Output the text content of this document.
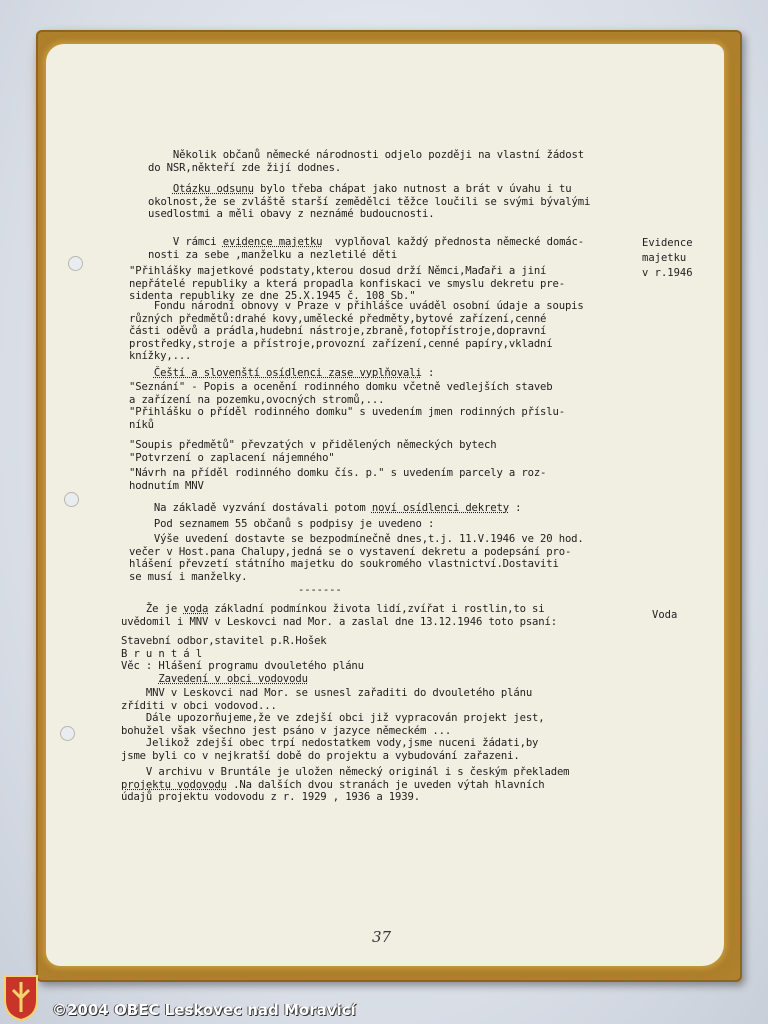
Několik občanů německé národnosti odjelo později na vlastní žádost
do NSR,někteří zde žijí dodnes.
Otázku odsunu bylo třeba chápat jako nutnost a brát v úvahu i tu
okolnost,že se zvláště starší zemědělci těžce loučili se svými bývalými
usedlostmi a měli obavy z neznámé budoucnosti.
V rámci evidence majetku  vyplňoval každý přednosta německé domác-
nosti za sebe ,manželku a nezletilé děti
"Přihlášky majetkové podstaty,kterou dosud drží Němci,Maďaři a jiní
nepřátelé republiky a která propadla konfiskaci ve smyslu dekretu pre-
sidenta republiky ze dne 25.X.1945 č. 108 Sb."
Fondu národní obnovy v Praze v přihlášce uváděl osobní údaje a soupis
různých předmětů:drahé kovy,umělecké předměty,bytové zařízení,cenné
části oděvů a prádla,hudební nástroje,zbraně,fotopřístroje,dopravní
prostředky,stroje a přístroje,provozní zařízení,cenné papíry,vkladní
knížky,...
Čeští a slovenští osídlenci zase vyplňovali :
"Seznání" - Popis a ocenění rodinného domku včetně vedlejších staveb
a zařízení na pozemku,ovocných stromů,...
"Přihlášku o příděl rodinného domku" s uvedením jmen rodinných příslu-
níků
"Soupis předmětů" převzatých v přidělených německých bytech
"Potvrzení o zaplacení nájemného"
"Návrh na příděl rodinného domku čís. p." s uvedením parcely a roz-
hodnutím MNV
Na základě vyzvání dostávali potom noví osídlenci dekrety :
Pod seznamem 55 občanů s podpisy je uvedeno :
Výše uvedení dostavte se bezpodmínečně dnes,t.j. 11.V.1946 ve 20 hod.
večer v Host.pana Chalupy,jedná se o vystavení dekretu a podepsání pro-
hlášení převzetí státního majetku do soukromého vlastnictví.Dostaviti
se musí i manželky.
Že je voda základní podmínkou života lidí,zvířat i rostlin,to si
uvědomil i MNV v Leskovci nad Mor. a zaslal dne 13.12.1946 toto psaní:
Stavební odbor,stavitel p.R.Hošek
B r u n t á l
Věc : Hlášení programu dvouletého plánu
Zavedení v obci vodovodu
MNV v Leskovci nad Mor. se usnesl zařaditi do dvouletého plánu
zříditi v obci vodovod...
Dále upozorňujeme,že ve zdejší obci již vypracován projekt jest,
bohužel však všechno jest psáno v jazyce německém ...
Jelikož zdejší obec trpí nedostatkem vody,jsme nuceni žádati,by
jsme byli co v nejkratší době do projektu a vybudování zařazeni.
V archivu v Bruntále je uložen německý originál i s českým překladem
projektu vodovodu .Na dalších dvou stranách je uveden výtah hlavních
údajů projektu vodovodu z r. 1929 , 1936 a 1939.
Evidence
majetku
v r.1946
Voda
-------
37
©2004 OBEC Leskovec nad Moravicí
